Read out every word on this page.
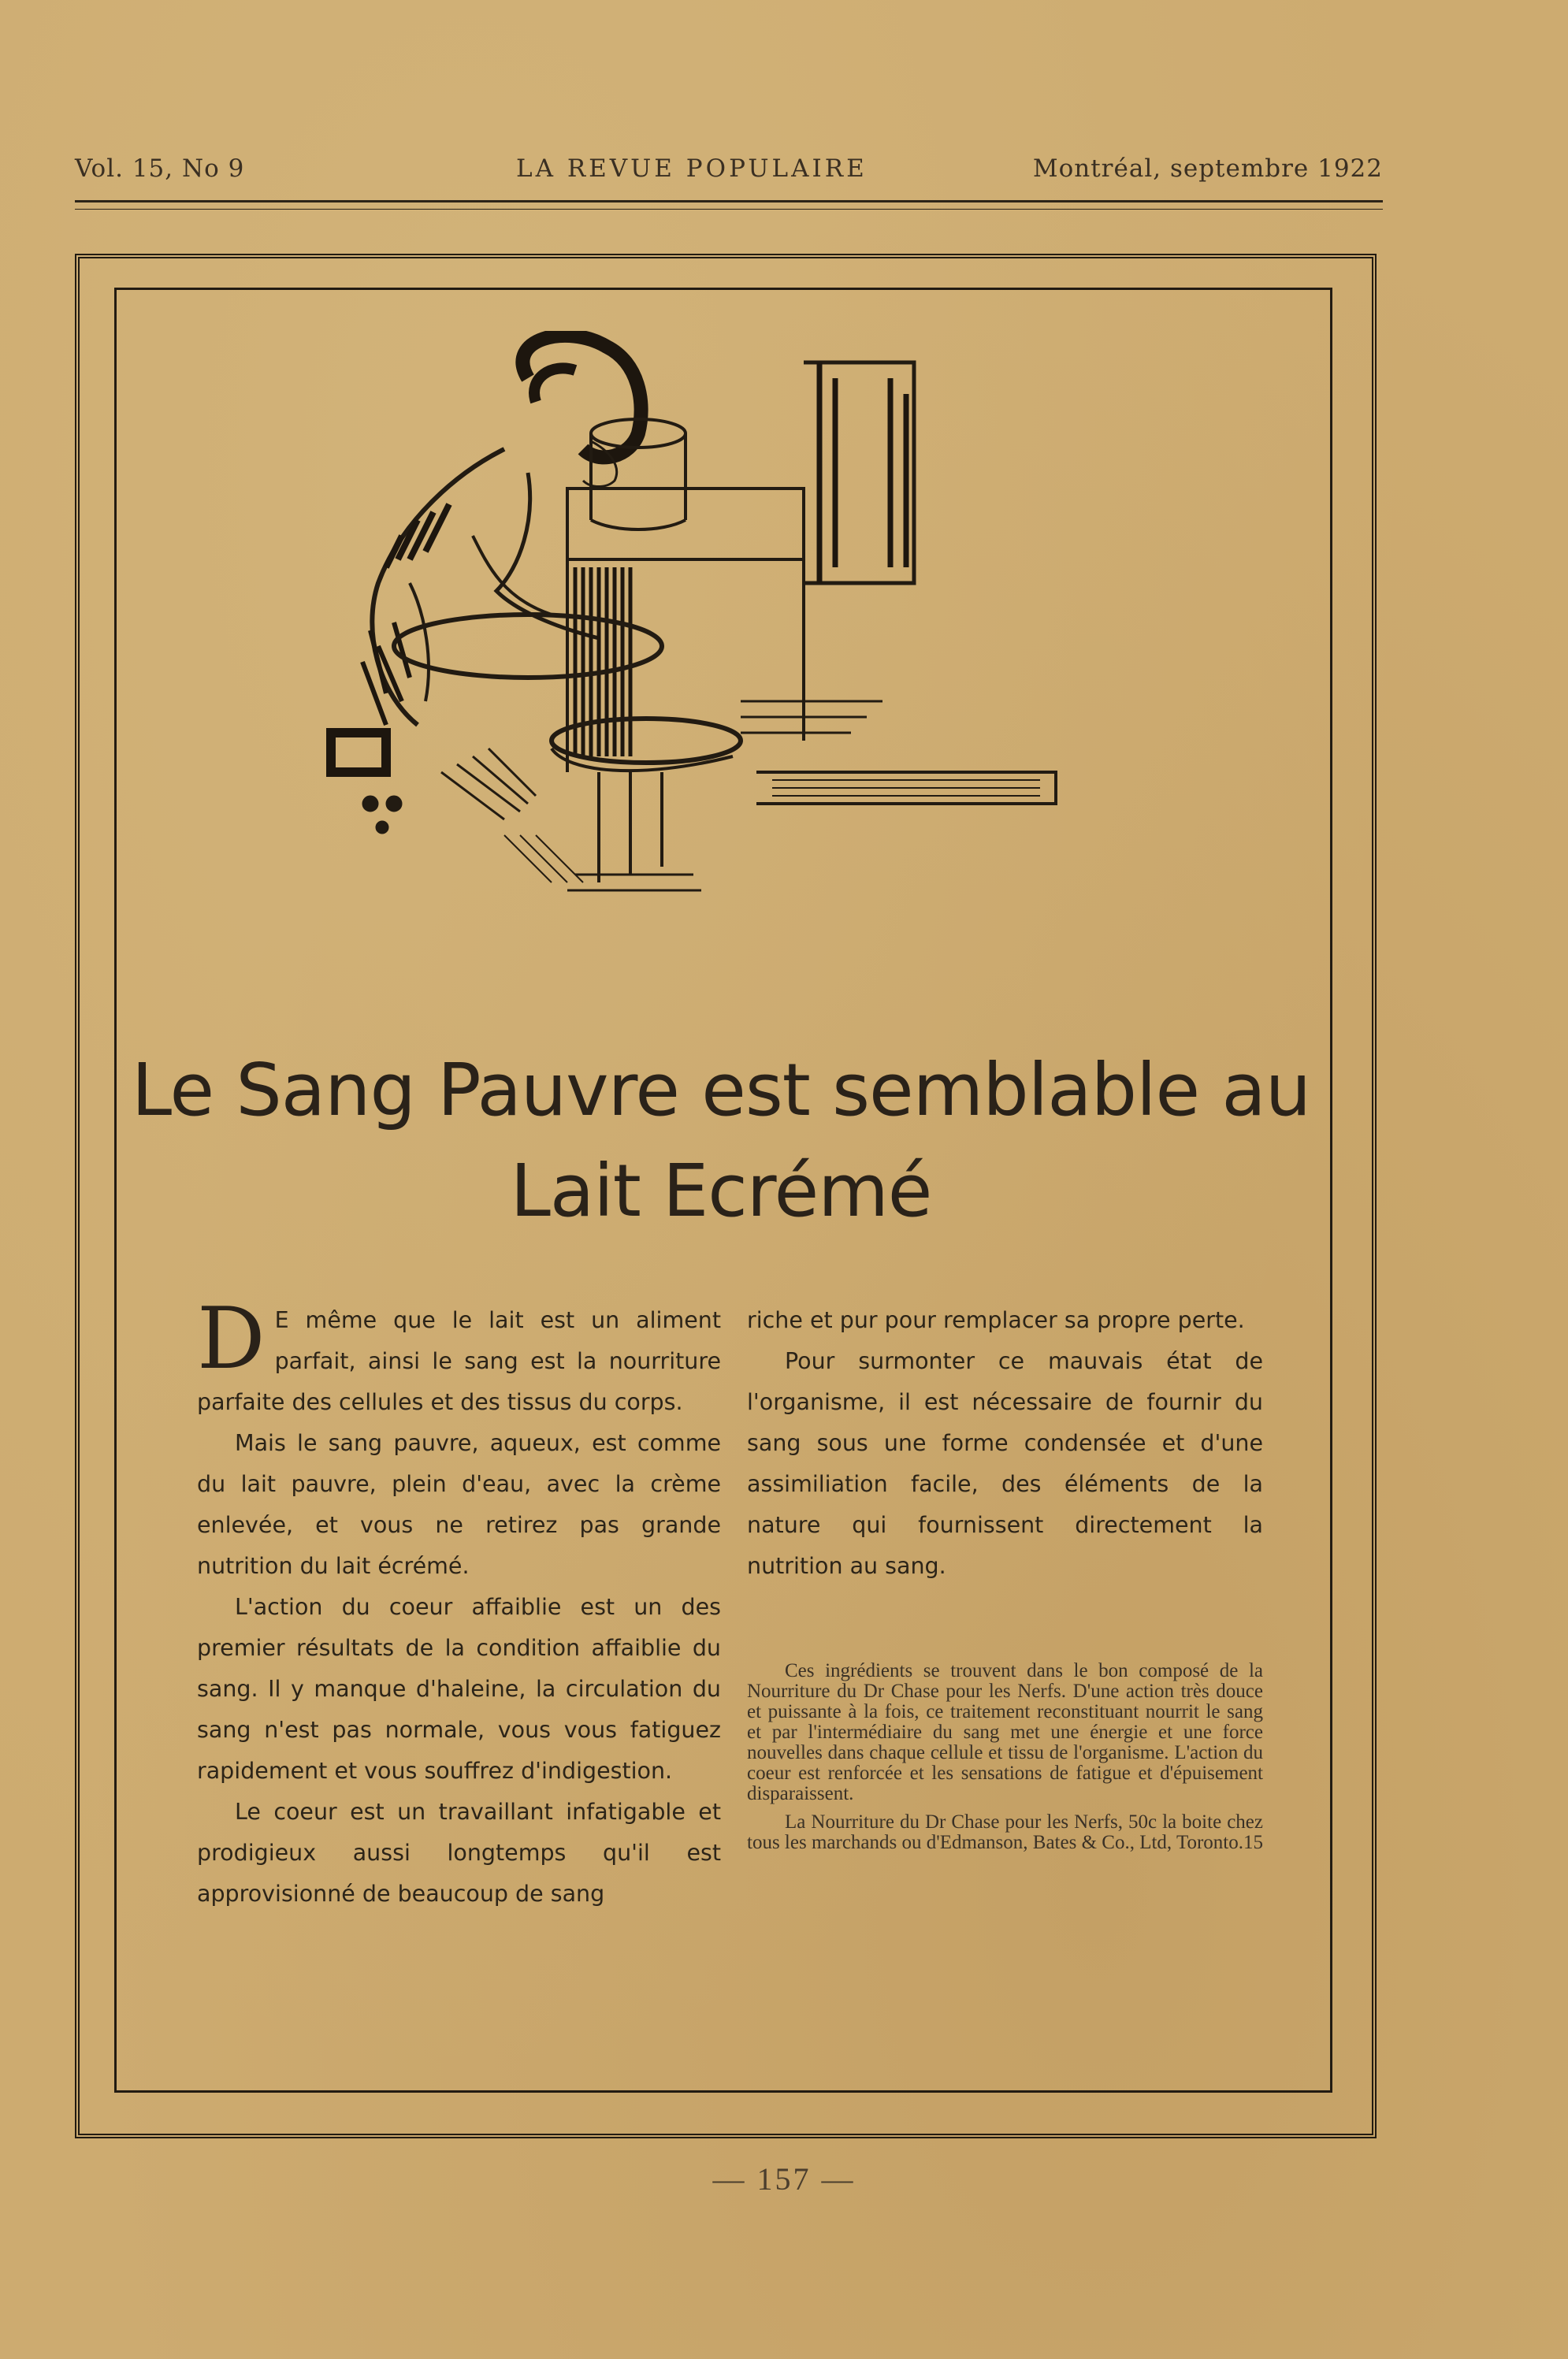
Vol. 15, No 9	LA REVUE POPULAIRE	Montréal, septembre 1922
Le Sang Pauvre est semblable au
Lait Ecrémé

D E même que le lait est un aliment parfait, ainsi le sang est la nourriture parfaite des cellules et des tissus du corps.

Mais le sang pauvre, aqueux, est comme du lait pauvre, plein d'eau, avec la crème enlevée, et vous ne retirez pas grande nutrition du lait écrémé.

L'action du coeur affaiblie est un des premier résultats de la condition affaiblie du sang. Il y manque d'haleine, la circulation du sang n'est pas normale, vous vous fatiguez rapidement et vous souffrez d'indigestion.

Le coeur est un travaillant infatigable et prodigieux aussi longtemps qu'il est approvisionné de beaucoup de sang

riche et pur pour remplacer sa propre perte.

Pour surmonter ce mauvais état de l'organisme, il est nécessaire de fournir du sang sous une forme condensée et d'une assimiliation facile, des éléments de la nature qui fournissent directement la nutrition au sang.

Ces ingrédients se trouvent dans le bon composé de la Nourriture du Dr Chase pour les Nerfs. D'une action très douce et puissante à la fois, ce traitement reconstituant nourrit le sang et par l'intermédiaire du sang met une énergie et une force nouvelles dans chaque cellule et tissu de l'organisme. L'action du coeur est renforcée et les sensations de fatigue et d'épuisement disparaissent.

La Nourriture du Dr Chase pour les Nerfs, 50c la boite chez tous les marchands ou d'Edmanson, Bates & Co., Ltd, Toronto. 15

— 157 —
